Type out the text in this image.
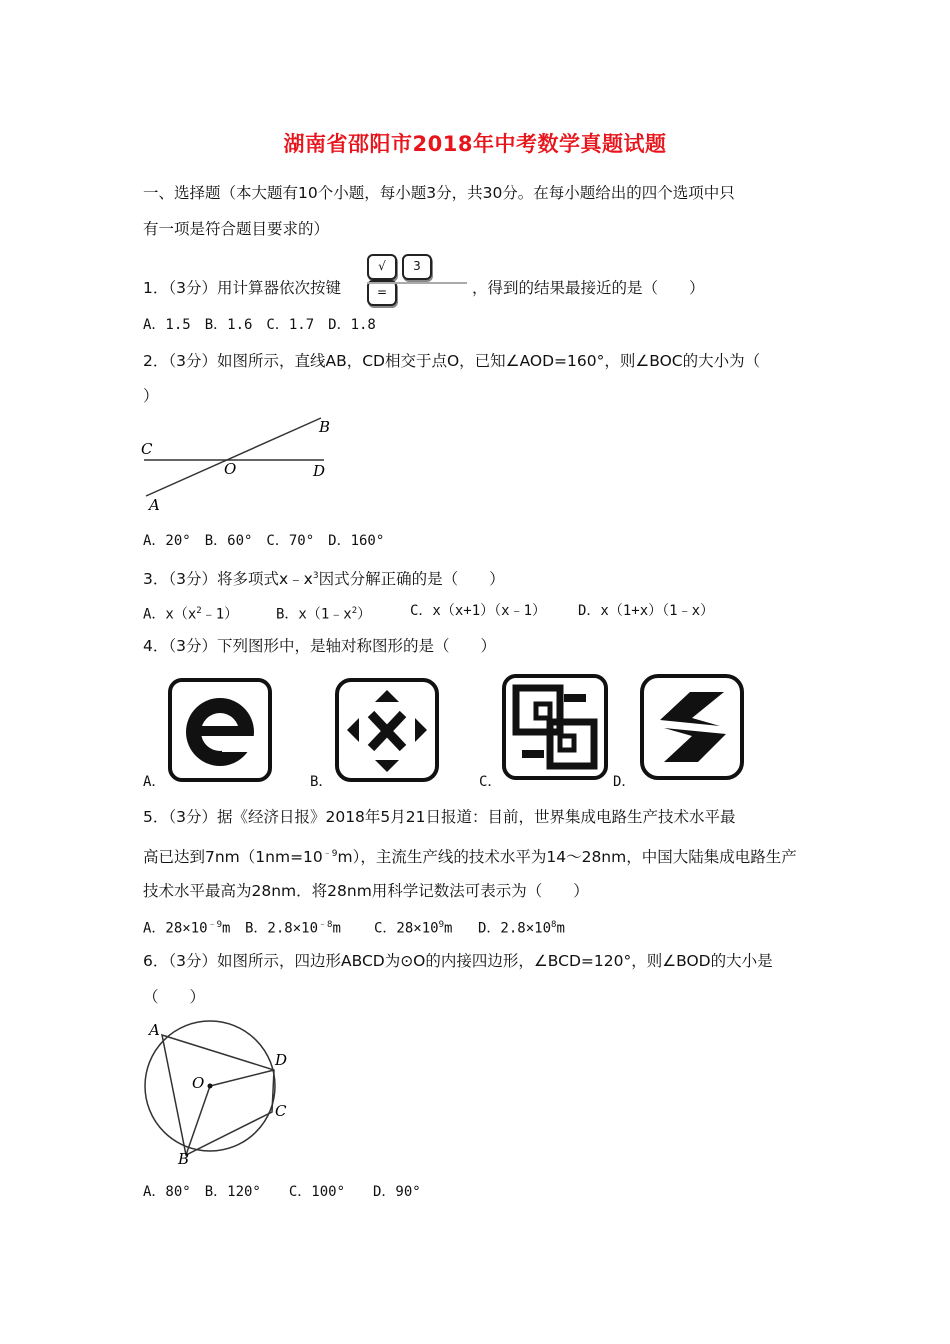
湖南省邵阳市2018年中考数学真题试题
一、选择题（本大题有10个小题，每小题3分，共30分。在每小题给出的四个选项中只
有一项是符合题目要求的）
1．（3分）用计算器依次按键
√ 3=	，得到的结果最接近的是（　　）
A．1.5　B．1.6　C．1.7　D．1.8
2．（3分）如图所示，直线AB，CD相交于点O，已知∠AOD=160°，则∠BOC的大小为（
）
C
B
O	D
A
A．20°　B．60°　C．70°　D．160°
3．（3分）将多项式$x﹣x^3$因式分解正确的是（　　）
A．$x(x^2﹣1)$	B．$x(1﹣x^2)$	C．x（x+1）（x﹣1） D．x（1+x）（1﹣x）
4．（3分）下列图形中，是轴对称图形的是（　　）
A．	B．	C．	D．
5．（3分）据《经济日报》2018年5月21日报道：目前，世界集成电路生产技术水平最
高已达到$7nm(1nm=10^{﹣9}m)$，主流生产线的技术水平为14～28nm，中国大陆集成电路生产
技术水平最高为28nm．将28nm用科学记数法可表示为（　　）
A．$28\times 10^{﹣9}m$ B．$2.8\times 10^{﹣8}m$ C．$28\times 10^9m$ D．$2.8\times 10^8m$
6．（3分）如图所示，四边形ABCD为⊙O的内接四边形，∠BCD=120°，则∠BOD的大小是
（　　）
A
D
O
C
B
A．80°　B．120°　　C．100°　　D．90°
